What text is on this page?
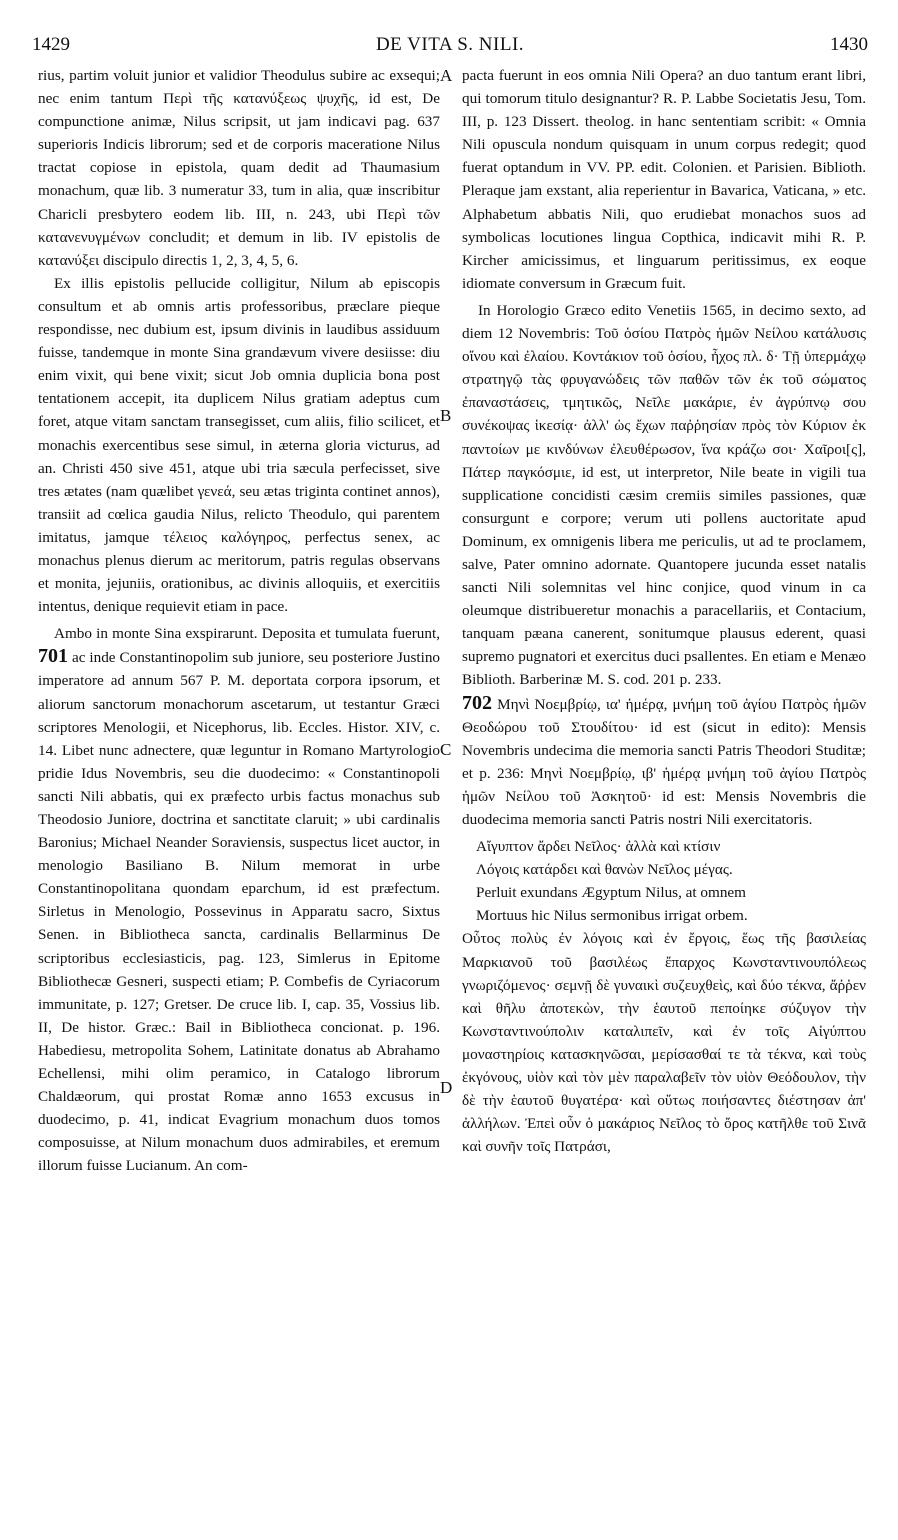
1429	DE VITA S. NILI.	1430
A
B
C
D

rius, partim voluit junior et validior Theodulus subire ac exsequi; nec enim tantum Περὶ τῆς κατανύξεως ψυχῆς, id est, De compunctione animæ, Nilus scripsit, ut jam indicavi pag. 637 superioris Indicis librorum; sed et de corporis maceratione Nilus tractat copiose in epistola, quam dedit ad Thaumasium monachum, quæ lib. 3 numeratur 33, tum in alia, quæ inscribitur Charicli presbytero eodem lib. III, n. 243, ubi Περὶ τῶν κατανενυγμένων concludit; et demum in lib. IV epistolis de κατανύξει discipulo directis 1, 2, 3, 4, 5, 6.

Ex illis epistolis pellucide colligitur, Nilum ab episcopis consultum et ab omnis artis professoribus, præclare pieque respondisse, nec dubium est, ipsum divinis in laudibus assiduum fuisse, tandemque in monte Sina grandævum vivere desiisse: diu enim vixit, qui bene vixit; sicut Job omnia duplicia bona post tentationem accepit, ita duplicem Nilus gratiam adeptus cum foret, atque vitam sanctam transegisset, cum aliis, filio scilicet, et monachis exercentibus sese simul, in æterna gloria victurus, ad an. Christi 450 sive 451, atque ubi tria sæcula perfecisset, sive tres ætates (nam quælibet γενεά, seu ætas triginta continet annos), transiit ad cœlica gaudia Nilus, relicto Theodulo, qui parentem imitatus, jamque τέλειος καλόγηρος, perfectus senex, ac monachus plenus dierum ac meritorum, patris regulas observans et monita, jejuniis, orationibus, ac divinis alloquiis, et exercitiis intentus, denique requievit etiam in pace.

Ambo in monte Sina exspirarunt. Deposita et tumulata fuerunt, 701 ac inde Constantinopolim sub juniore, seu posteriore Justino imperatore ad annum 567 P. M. deportata corpora ipsorum, et aliorum sanctorum monachorum ascetarum, ut testantur Græci scriptores Menologii, et Nicephorus, lib. Eccles. Histor. XIV, c. 14. Libet nunc adnectere, quæ leguntur in Romano Martyrologio pridie Idus Novembris, seu die duodecimo: « Constantinopoli sancti Nili abbatis, qui ex præfecto urbis factus monachus sub Theodosio Juniore, doctrina et sanctitate claruit; » ubi cardinalis Baronius; Michael Neander Soraviensis, suspectus licet auctor, in menologio Basiliano B. Nilum memorat in urbe Constantinopolitana quondam eparchum, id est præfectum. Sirletus in Menologio, Possevinus in Apparatu sacro, Sixtus Senen. in Bibliotheca sancta, cardinalis Bellarminus De scriptoribus ecclesiasticis, pag. 123, Simlerus in Epitome Bibliothecæ Gesneri, suspecti etiam; P. Combefis de Cyriacorum immunitate, p. 127; Gretser. De cruce lib. I, cap. 35, Vossius lib. II, De histor. Græc.: Bail in Bibliotheca concionat. p. 196. Habediesu, metropolita Sohem, Latinitate donatus ab Abrahamo Echellensi, mihi olim peramico, in Catalogo librorum Chaldæorum, qui prostat Romæ anno 1653 excusus in duodecimo, p. 41, indicat Evagrium monachum duos tomos composuisse, at Nilum monachum duos admirabiles, et eremum illorum fuisse Lucianum. An com-

pacta fuerunt in eos omnia Nili Opera? an duo tantum erant libri, qui tomorum titulo designantur? R. P. Labbe Societatis Jesu, Tom. III, p. 123 Dissert. theolog. in hanc sententiam scribit: « Omnia Nili opuscula nondum quisquam in unum corpus redegit; quod fuerat optandum in VV. PP. edit. Colonien. et Parisien. Biblioth. Pleraque jam exstant, alia reperientur in Bavarica, Vaticana, » etc. Alphabetum abbatis Nili, quo erudiebat monachos suos ad symbolicas locutiones lingua Copthica, indicavit mihi R. P. Kircher amicissimus, et linguarum peritissimus, ex eoque idiomate conversum in Græcum fuit.

In Horologio Græco edito Venetiis 1565, in decimo sexto, ad diem 12 Novembris: Τοῦ ὁσίου Πατρὸς ἡμῶν Νείλου κατάλυσις οἴνου καὶ ἐλαίου. Κοντάκιον τοῦ ὁσίου, ἦχος πλ. δ· Τῇ ὑπερμάχῳ στρατηγῷ τὰς φρυγανώδεις τῶν παθῶν τῶν ἐκ τοῦ σώματος ἐπαναστάσεις, τμητικῶς, Νεῖλε μακάριε, ἐν ἀγρύπνῳ σου συνέκοψας ἱκεσίᾳ· ἀλλ' ὡς ἔχων παῤῥησίαν πρὸς τὸν Κύριον ἐκ παντοίων με κινδύνων ἐλευθέρωσον, ἵνα κράζω σοι· Χαῖροι[ς], Πάτερ παγκόσμιε, id est, ut interpretor, Nile beate in vigili tua supplicatione concidisti cæsim cremiis similes passiones, quæ consurgunt e corpore; verum uti pollens auctoritate apud Dominum, ex omnigenis libera me periculis, ut ad te proclamem, salve, Pater omnino adornate. Quantopere jucunda esset natalis sancti Nili solemnitas vel hinc conjice, quod vinum in ca oleumque distribueretur monachis a paracellariis, et Contacium, tanquam pæana canerent, sonitumque plausus ederent, quasi supremo pugnatori et exercitus duci psallentes. En etiam e Menæo Biblioth. Barberinæ M. S. cod. 201 p. 233.

702 Μηνὶ Νοεμβρίῳ, ια' ἡμέρᾳ, μνήμη τοῦ ἁγίου Πατρὸς ἡμῶν Θεοδώρου τοῦ Στουδίτου· id est (sicut in edito): Mensis Novembris undecima die memoria sancti Patris Theodori Studitæ; et p. 236: Μηνὶ Νοεμβρίῳ, ιβ' ἡμέρᾳ μνήμη τοῦ ἁγίου Πατρὸς ἡμῶν Νείλου τοῦ Ἀσκητοῦ· id est: Mensis Novembris die duodecima memoria sancti Patris nostri Nili exercitatoris.

Αἴγυπτον ἄρδει Νεῖλος· ἀλλὰ καὶ κτίσιν

Λόγοις κατάρδει καὶ θανὼν Νεῖλος μέγας.

Perluit exundans Ægyptum Nilus, at omnem

Mortuus hic Nilus sermonibus irrigat orbem.

Οὗτος πολὺς ἐν λόγοις καὶ ἐν ἔργοις, ἕως τῆς βασιλείας Μαρκιανοῦ τοῦ βασιλέως ἔπαρχος Κωνσταντινουπόλεως γνωριζόμενος· σεμνῇ δὲ γυναικὶ συζευχθεὶς, καὶ δύο τέκνα, ἄῤῥεν καὶ θῆλυ ἀποτεκὼν, τὴν ἑαυτοῦ πεποίηκε σύζυγον τὴν Κωνσταντινούπολιν καταλιπεῖν, καὶ ἐν τοῖς Αἰγύπτου μοναστηρίοις κατασκηνῶσαι, μερίσασθαί τε τὰ τέκνα, καὶ τοὺς ἐκγόνους, υἱὸν καὶ τὸν μὲν παραλαβεῖν τὸν υἱὸν Θεόδουλον, τὴν δὲ τὴν ἑαυτοῦ θυγατέρα· καὶ οὕτως ποιήσαντες διέστησαν ἀπ' ἀλλήλων. Ἐπεὶ οὖν ὁ μακάριος Νεῖλος τὸ ὄρος κατῆλθε τοῦ Σινᾶ καὶ συνῆν τοῖς Πατράσι,
